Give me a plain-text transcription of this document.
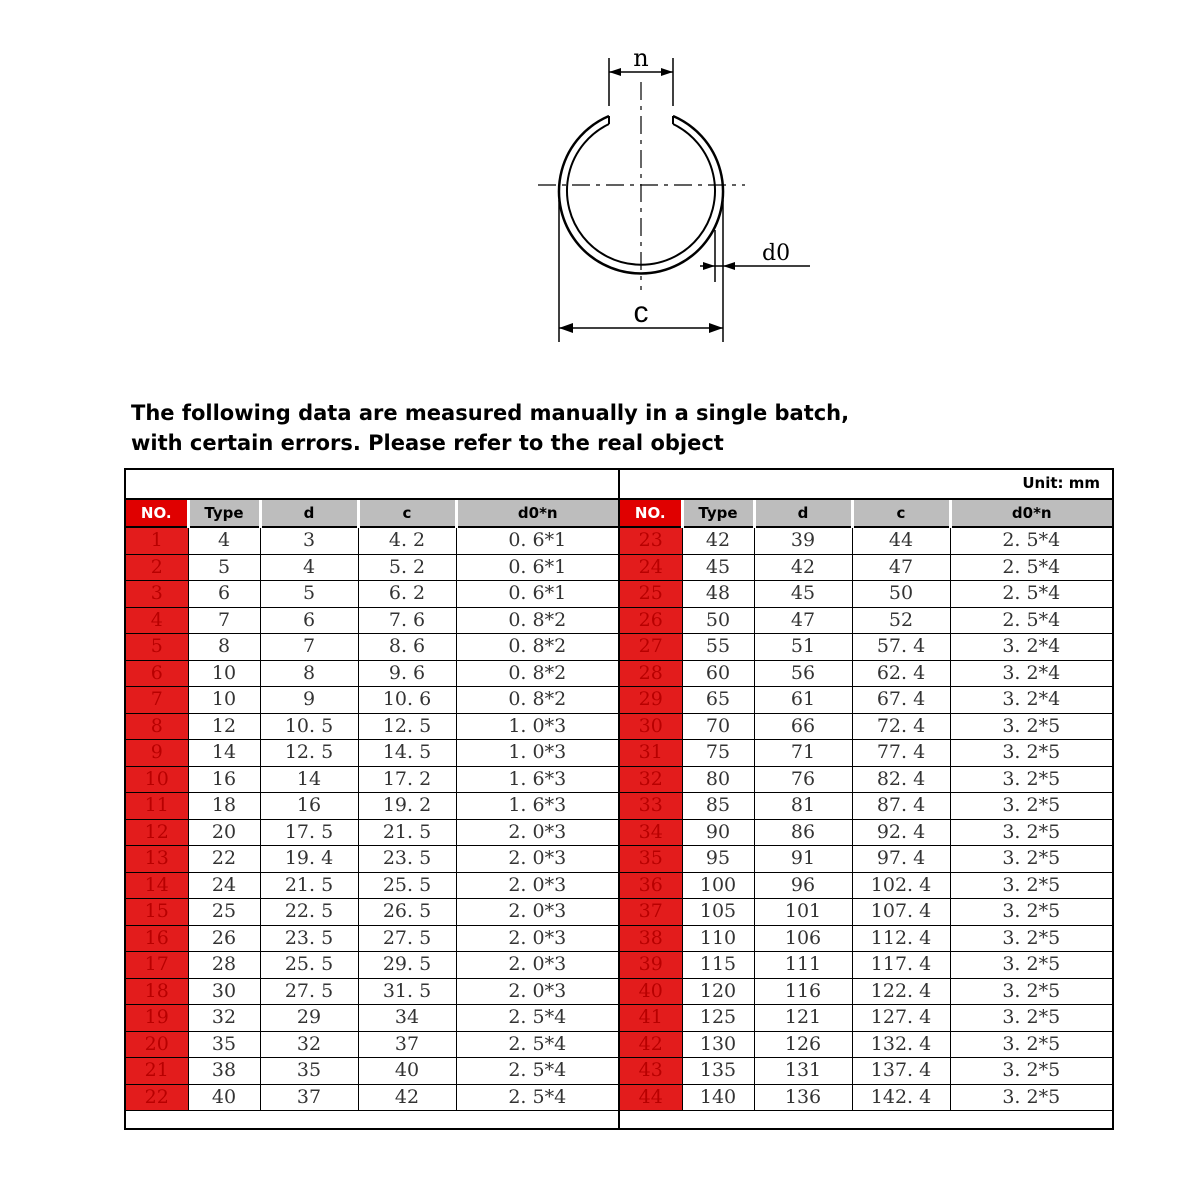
n
d0
c
The following data are measured manually in a single batch,
with certain errors. Please refer to the real object
NO.	Type	d	c	d0*n
1	4	3	4. 2	0. 6*1
2	5	4	5. 2	0. 6*1
3	6	5	6. 2	0. 6*1
4	7	6	7. 6	0. 8*2
5	8	7	8. 6	0. 8*2
6	10	8	9. 6	0. 8*2
7	10	9	10. 6	0. 8*2
8	12	10. 5	12. 5	1. 0*3
9	14	12. 5	14. 5	1. 0*3
10	16	14	17. 2	1. 6*3
11	18	16	19. 2	1. 6*3
12	20	17. 5	21. 5	2. 0*3
13	22	19. 4	23. 5	2. 0*3
14	24	21. 5	25. 5	2. 0*3
15	25	22. 5	26. 5	2. 0*3
16	26	23. 5	27. 5	2. 0*3
17	28	25. 5	29. 5	2. 0*3
18	30	27. 5	31. 5	2. 0*3
19	32	29	34	2. 5*4
20	35	32	37	2. 5*4
21	38	35	40	2. 5*4
22	40	37	42	2. 5*4
Unit: mm
NO.	Type	d	c	d0*n
23	42	39	44	2. 5*4
24	45	42	47	2. 5*4
25	48	45	50	2. 5*4
26	50	47	52	2. 5*4
27	55	51	57. 4	3. 2*4
28	60	56	62. 4	3. 2*4
29	65	61	67. 4	3. 2*4
30	70	66	72. 4	3. 2*5
31	75	71	77. 4	3. 2*5
32	80	76	82. 4	3. 2*5
33	85	81	87. 4	3. 2*5
34	90	86	92. 4	3. 2*5
35	95	91	97. 4	3. 2*5
36	100	96	102. 4	3. 2*5
37	105	101	107. 4	3. 2*5
38	110	106	112. 4	3. 2*5
39	115	111	117. 4	3. 2*5
40	120	116	122. 4	3. 2*5
41	125	121	127. 4	3. 2*5
42	130	126	132. 4	3. 2*5
43	135	131	137. 4	3. 2*5
44	140	136	142. 4	3. 2*5
